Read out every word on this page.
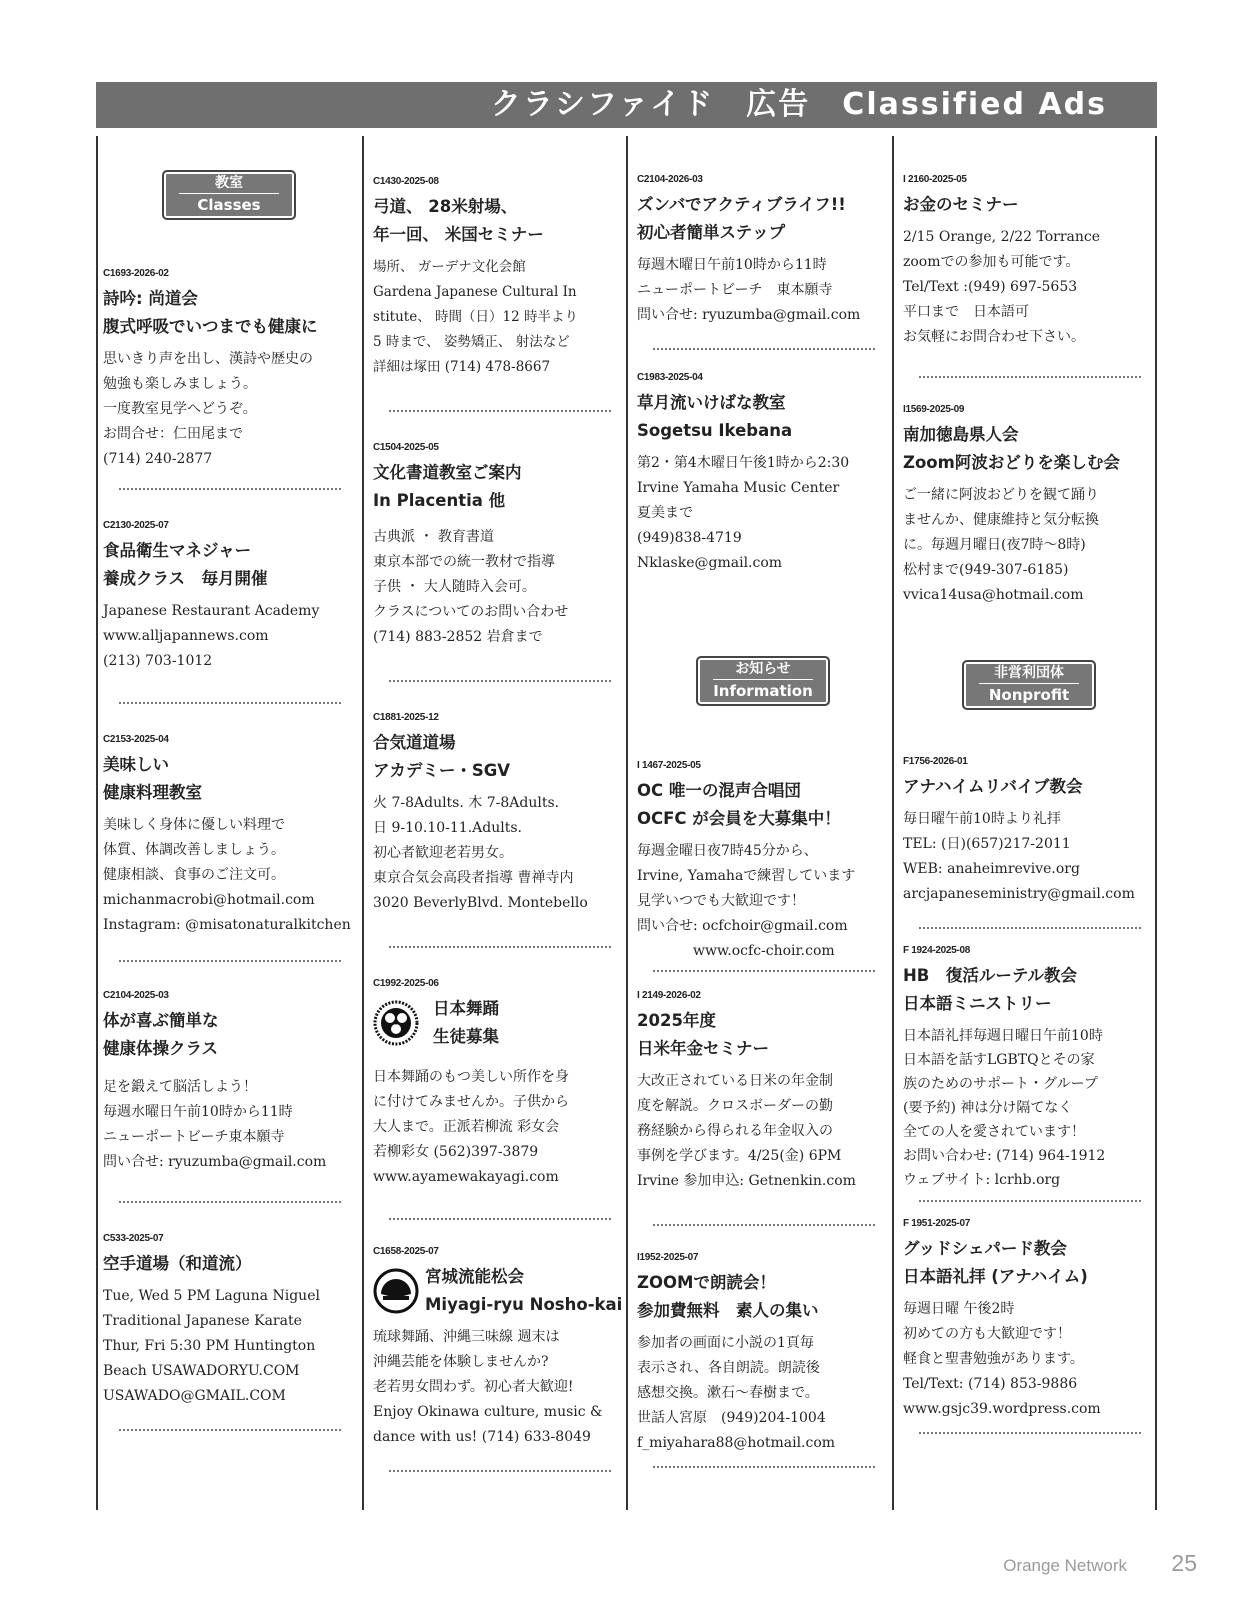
クラシファイド　広告　Classified Ads
教室
Classes
C1693-2026-02
詩吟: 尚道会
腹式呼吸でいつまでも健康に
思いきり声を出し、漢詩や歴史の
勉強も楽しみましょう。
一度教室見学へどうぞ。
お問合せ：仁田尾まで
(714) 240-2877
C2130-2025-07
食品衛生マネジャー
養成クラス　毎月開催
Japanese Restaurant Academy
www.alljapannews.com
(213) 703-1012
C2153-2025-04
美味しい
健康料理教室
美味しく身体に優しい料理で
体質、体調改善しましょう。
健康相談、食事のご注文可。
michanmacrobi@hotmail.com
Instagram: @misatonaturalkitchen
C2104-2025-03
体が喜ぶ簡単な
健康体操クラス
足を鍛えて脳活しよう！
毎週水曜日午前10時から11時
ニューポートビーチ東本願寺
問い合せ: ryuzumba@gmail.com
C533-2025-07
空手道場（和道流）
Tue, Wed 5 PM Laguna Niguel
Traditional Japanese Karate
Thur, Fri 5:30 PM Huntington
Beach USAWADORYU.COM
USAWADO@GMAIL.COM
C1430-2025-08
弓道、 28米射場、
年一回、 米国セミナー
場所、 ガーデナ文化会館
Gardena Japanese Cultural In
stitute、 時間（日）12 時半より
5 時まで、 姿勢矯正、 射法など
詳細は塚田 (714) 478-8667
C1504-2025-05
文化書道教室ご案内
In Placentia 他
古典派 ・ 教育書道
東京本部での統一教材で指導
子供 ・ 大人随時入会可。
クラスについてのお問い合わせ
(714) 883-2852 岩倉まで
C1881-2025-12
合気道道場
アカデミー・SGV
火 7-8Adults. 木 7-8Adults.
日 9-10.10-11.Adults.
初心者歓迎老若男女。
東京合気会高段者指導 曹禅寺内
3020 BeverlyBlvd. Montebello
C1992-2025-06
日本舞踊
生徒募集
日本舞踊のもつ美しい所作を身
に付けてみませんか。子供から
大人まで。正派若柳流 彩女会
若柳彩女 (562)397-3879
www.ayamewakayagi.com
C1658-2025-07
宮城流能松会
Miyagi-ryu Nosho-kai
琉球舞踊、沖縄三味線 週末は
沖縄芸能を体験しませんか?
老若男女問わず。初心者大歓迎!
Enjoy Okinawa culture, music &
dance with us! (714) 633-8049
C2104-2026-03
ズンバでアクティブライフ!!
初心者簡単ステップ
毎週木曜日午前10時から11時
ニューポートビーチ　東本願寺
問い合せ: ryuzumba@gmail.com
C1983-2025-04
草月流いけばな教室
Sogetsu Ikebana
第2・第4木曜日午後1時から2:30
Irvine Yamaha Music Center
夏美まで
(949)838-4719
Nklaske@gmail.com
お知らせ
Information
I 1467-2025-05
OC 唯一の混声合唱団
OCFC が会員を大募集中！
毎週金曜日夜7時45分から、
Irvine, Yamahaで練習しています
見学いつでも大歓迎です！
問い合せ: ocfchoir@gmail.com
　　　　www.ocfc-choir.com
I 2149-2026-02
2025年度
日米年金セミナー
大改正されている日米の年金制
度を解説。クロスボーダーの勤
務経験から得られる年金収入の
事例を学びます。4/25(金) 6PM
Irvine 参加申込: Getnenkin.com
I1952-2025-07
ZOOMで朗読会！
参加費無料　素人の集い
参加者の画面に小説の1頁毎
表示され、各自朗読。朗読後
感想交換。漱石～春樹まで。
世話人宮原　(949)204-1004
f_miyahara88@hotmail.com
I 2160-2025-05
お金のセミナー
2/15 Orange, 2/22 Torrance
zoomでの参加も可能です。
Tel/Text :(949) 697-5653
平口まで　日本語可
お気軽にお問合わせ下さい。
I1569-2025-09
南加徳島県人会
Zoom阿波おどりを楽しむ会
ご一緒に阿波おどりを観て踊り
ませんか、健康維持と気分転換
に。毎週月曜日(夜7時～8時)
松村まで(949-307-6185)
vvica14usa@hotmail.com
非営利団体
Nonprofit
F1756-2026-01
アナハイムリバイブ教会
毎日曜午前10時より礼拝
TEL: (日)(657)217-2011
WEB: anaheimrevive.org
arcjapaneseministry@gmail.com
F 1924-2025-08
HB　復活ルーテル教会
日本語ミニストリー
日本語礼拝毎週日曜日午前10時
日本語を話すLGBTQとその家
族のためのサポート・グループ
(要予約) 神は分け隔てなく
全ての人を愛されています！
お問い合わせ: (714) 964-1912
ウェブサイト: lcrhb.org
F 1951-2025-07
グッドシェパード教会
日本語礼拝 (アナハイム)
毎週日曜 午後2時
初めての方も大歓迎です！
軽食と聖書勉強があります。
Tel/Text: (714) 853-9886
www.gsjc39.wordpress.com
Orange Network 25
